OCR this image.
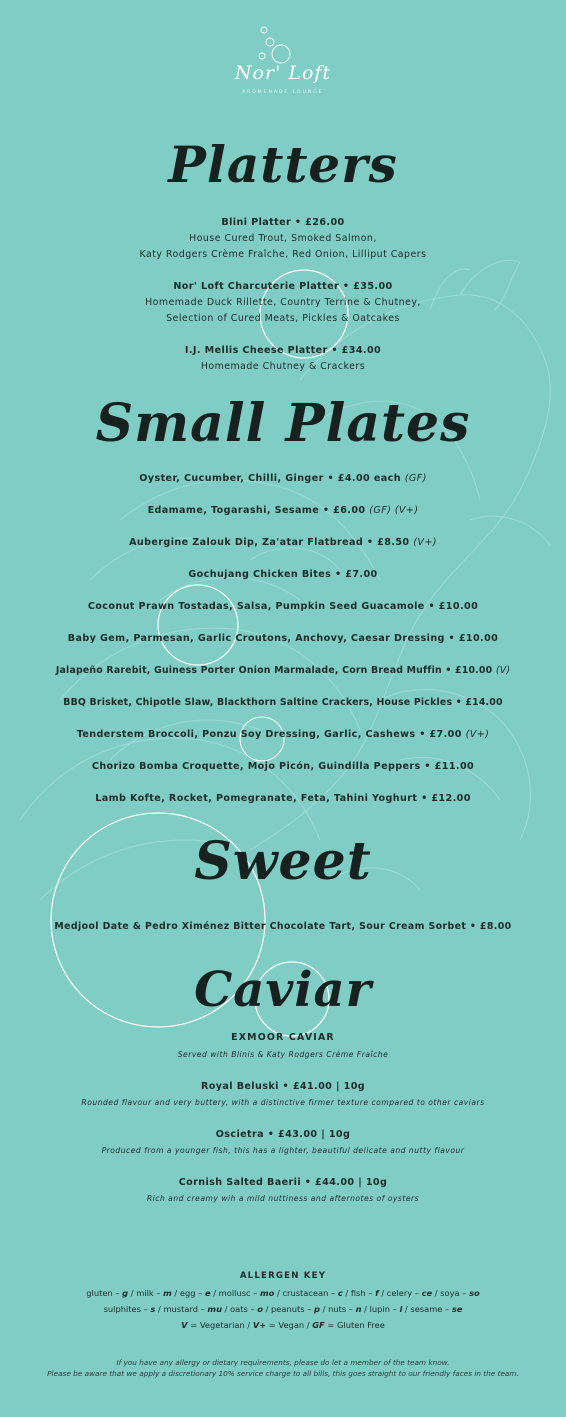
Nor' Loft
PROMENADE LOUNGE
Platters
Blini Platter • £26.00
House Cured Trout, Smoked Salmon,
Katy Rodgers Crème Fraîche, Red Onion, Lilliput Capers
Nor' Loft Charcuterie Platter • £35.00
Homemade Duck Rillette, Country Terrine & Chutney,
Selection of Cured Meats, Pickles & Oatcakes
I.J. Mellis Cheese Platter • £34.00
Homemade Chutney & Crackers
Small Plates
Oyster, Cucumber, Chilli, Ginger • £4.00 each (GF)
Edamame, Togarashi, Sesame • £6.00 (GF) (V+)
Aubergine Zalouk Dip, Za'atar Flatbread • £8.50 (V+)
Gochujang Chicken Bites • £7.00
Coconut Prawn Tostadas, Salsa, Pumpkin Seed Guacamole • £10.00
Baby Gem, Parmesan, Garlic Croutons, Anchovy, Caesar Dressing • £10.00
Jalapeño Rarebit, Guiness Porter Onion Marmalade, Corn Bread Muffin • £10.00 (V)
BBQ Brisket, Chipotle Slaw, Blackthorn Saltine Crackers, House Pickles • £14.00
Tenderstem Broccoli, Ponzu Soy Dressing, Garlic, Cashews • £7.00 (V+)
Chorizo Bomba Croquette, Mojo Picón, Guindilla Peppers • £11.00
Lamb Kofte, Rocket, Pomegranate, Feta, Tahini Yoghurt • £12.00
Sweet
Medjool Date & Pedro Ximénez Bitter Chocolate Tart, Sour Cream Sorbet • £8.00
Caviar
EXMOOR CAVIAR
Served with Blinis & Katy Rodgers Crème Fraîche
Royal Beluski • £41.00 | 10g
Rounded flavour and very buttery, with a distinctive firmer texture compared to other caviars
Oscietra • £43.00 | 10g
Produced from a younger fish, this has a lighter, beautiful delicate and nutty flavour
Cornish Salted Baerii • £44.00 | 10g
Rich and creamy wih a mild nuttiness and afternotes of oysters
ALLERGEN KEY
gluten – g / milk – m / egg – e / mollusc – mo / crustacean – c / fish – f / celery – ce / soya – so
sulphites – s / mustard – mu / oats – o / peanuts – p / nuts – n / lupin – l / sesame – se
V = Vegetarian / V+ = Vegan / GF = Gluten Free
If you have any allergy or dietary requirements, please do let a member of the team know.
Please be aware that we apply a discretionary 10% service charge to all bills, this goes straight to our friendly faces in the team.
